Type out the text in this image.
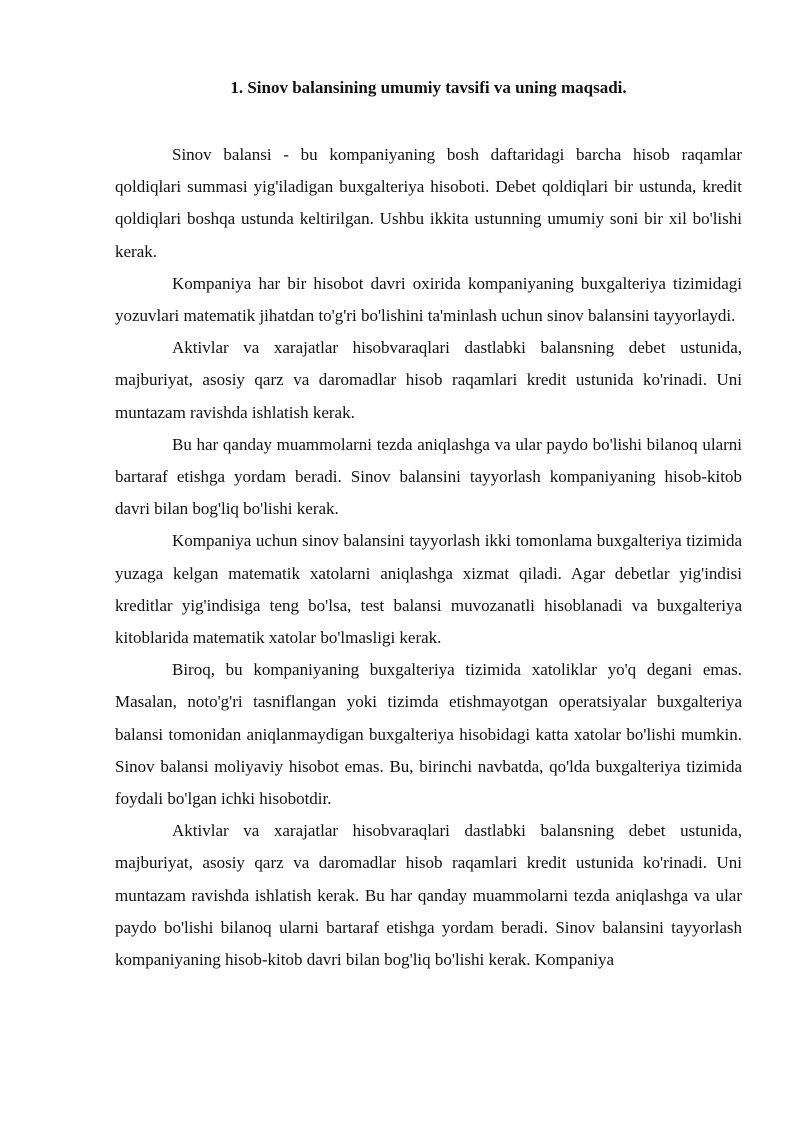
1. Sinov balansining umumiy tavsifi va uning maqsadi.

Sinov balansi - bu kompaniyaning bosh daftaridagi barcha hisob raqamlar qoldiqlari summasi yig'iladigan buxgalteriya hisoboti. Debet qoldiqlari bir ustunda, kredit qoldiqlari boshqa ustunda keltirilgan. Ushbu ikkita ustunning umumiy soni bir xil bo'lishi kerak.

Kompaniya har bir hisobot davri oxirida kompaniyaning buxgalteriya tizimidagi yozuvlari matematik jihatdan to'g'ri bo'lishini ta'minlash uchun sinov balansini tayyorlaydi.

Aktivlar va xarajatlar hisobvaraqlari dastlabki balansning debet ustunida, majburiyat, asosiy qarz va daromadlar hisob raqamlari kredit ustunida ko'rinadi. Uni muntazam ravishda ishlatish kerak.

Bu har qanday muammolarni tezda aniqlashga va ular paydo bo'lishi bilanoq ularni bartaraf etishga yordam beradi. Sinov balansini tayyorlash kompaniyaning hisob-kitob davri bilan bog'liq bo'lishi kerak.

Kompaniya uchun sinov balansini tayyorlash ikki tomonlama buxgalteriya tizimida yuzaga kelgan matematik xatolarni aniqlashga xizmat qiladi. Agar debetlar yig'indisi kreditlar yig'indisiga teng bo'lsa, test balansi muvozanatli hisoblanadi va buxgalteriya kitoblarida matematik xatolar bo'lmasligi kerak.

Biroq, bu kompaniyaning buxgalteriya tizimida xatoliklar yo'q degani emas. Masalan, noto'g'ri tasniflangan yoki tizimda etishmayotgan operatsiyalar buxgalteriya balansi tomonidan aniqlanmaydigan buxgalteriya hisobidagi katta xatolar bo'lishi mumkin. Sinov balansi moliyaviy hisobot emas. Bu, birinchi navbatda, qo'lda buxgalteriya tizimida foydali bo'lgan ichki hisobotdir.

Aktivlar va xarajatlar hisobvaraqlari dastlabki balansning debet ustunida, majburiyat, asosiy qarz va daromadlar hisob raqamlari kredit ustunida ko'rinadi. Uni muntazam ravishda ishlatish kerak. Bu har qanday muammolarni tezda aniqlashga va ular paydo bo'lishi bilanoq ularni bartaraf etishga yordam beradi. Sinov balansini tayyorlash kompaniyaning hisob-kitob davri bilan bog'liq bo'lishi kerak. Kompaniya
